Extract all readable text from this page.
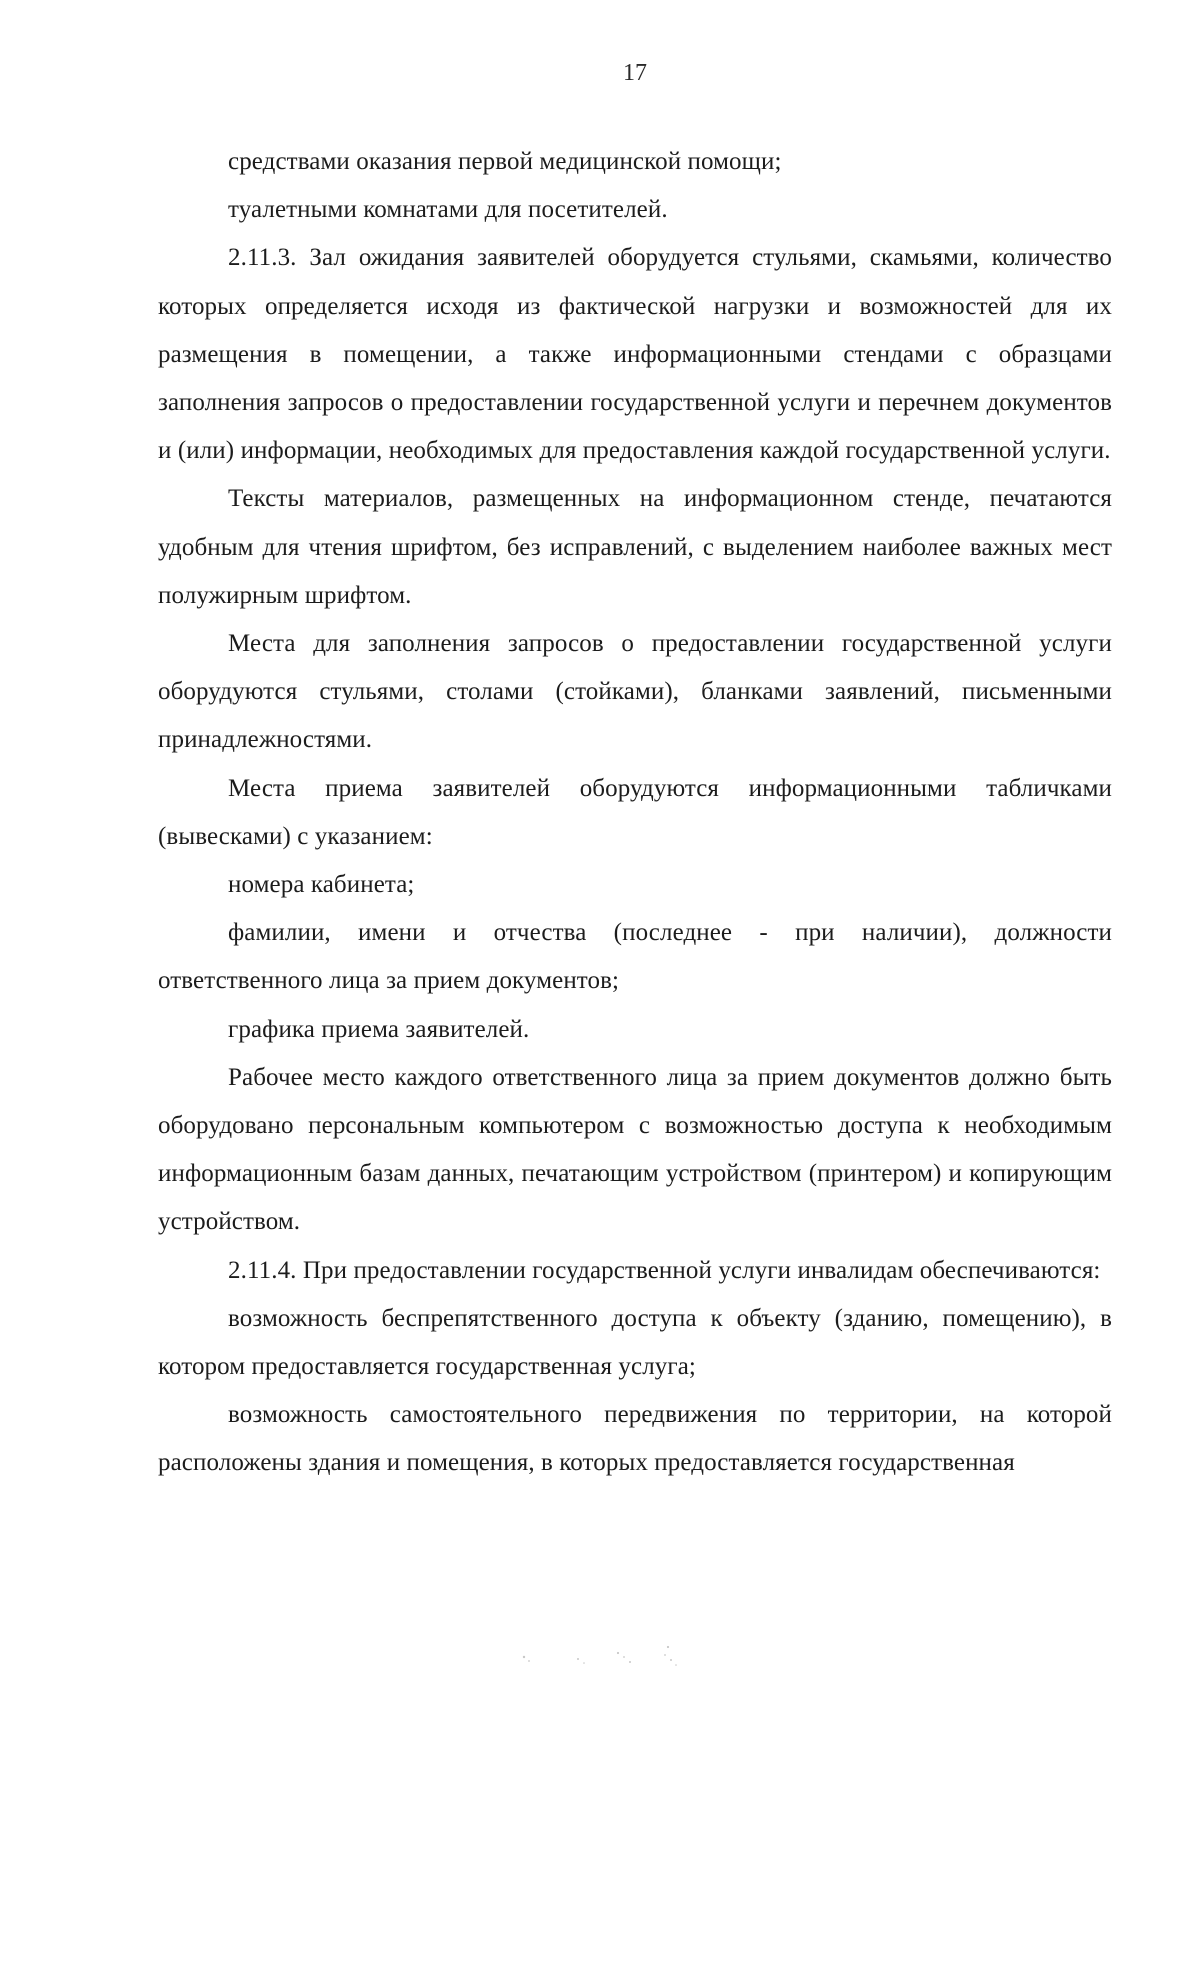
17

средствами оказания первой медицинской помощи;

туалетными комнатами для посетителей.

2.11.3. Зал ожидания заявителей оборудуется стульями, скамьями, количество которых определяется исходя из фактической нагрузки и возможностей для их размещения в помещении, а также информационными стендами с образцами заполнения запросов о предоставлении государственной услуги и перечнем документов и (или) информации, необходимых для предоставления каждой государственной услуги.

Тексты материалов, размещенных на информационном стенде, печатаются удобным для чтения шрифтом, без исправлений, с выделением наиболее важных мест полужирным шрифтом.

Места для заполнения запросов о предоставлении государственной услуги оборудуются стульями, столами (стойками), бланками заявлений, письменными принадлежностями.

Места приема заявителей оборудуются информационными табличками (вывесками) с указанием:

номера кабинета;

фамилии, имени и отчества (последнее - при наличии), должности ответственного лица за прием документов;

графика приема заявителей.

Рабочее место каждого ответственного лица за прием документов должно быть оборудовано персональным компьютером с возможностью доступа к необходимым информационным базам данных, печатающим устройством (принтером) и копирующим устройством.

2.11.4. При предоставлении государственной услуги инвалидам обеспечиваются:

возможность беспрепятственного доступа к объекту (зданию, помещению), в котором предоставляется государственная услуга;

возможность самостоятельного передвижения по территории, на которой расположены здания и помещения, в которых предоставляется государственная
